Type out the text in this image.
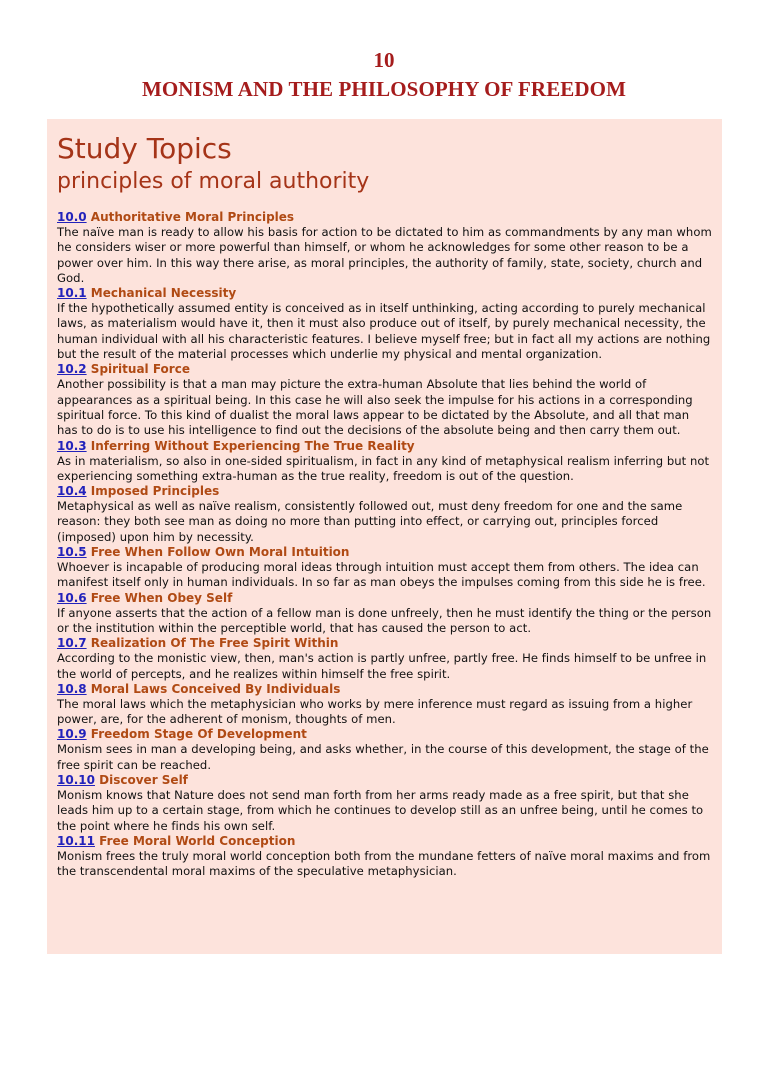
10
MONISM AND THE PHILOSOPHY OF FREEDOM
Study Topics
principles of moral authority
10.0 Authoritative Moral Principles

The naïve man is ready to allow his basis for action to be dictated to him as commandments by any man whom he considers wiser or more powerful than himself, or whom he acknowledges for some other reason to be a power over him. In this way there arise, as moral principles, the authority of family, state, society, church and God.

10.1 Mechanical Necessity

If the hypothetically assumed entity is conceived as in itself unthinking, acting according to purely mechanical laws, as materialism would have it, then it must also produce out of itself, by purely mechanical necessity, the human individual with all his characteristic features. I believe myself free; but in fact all my actions are nothing but the result of the material processes which underlie my physical and mental organization.

10.2 Spiritual Force

Another possibility is that a man may picture the extra-human Absolute that lies behind the world of appearances as a spiritual being. In this case he will also seek the impulse for his actions in a corresponding spiritual force. To this kind of dualist the moral laws appear to be dictated by the Absolute, and all that man has to do is to use his intelligence to find out the decisions of the absolute being and then carry them out.

10.3 Inferring Without Experiencing The True Reality

As in materialism, so also in one-sided spiritualism, in fact in any kind of metaphysical realism inferring but not experiencing something extra-human as the true reality, freedom is out of the question.

10.4 Imposed Principles

Metaphysical as well as naïve realism, consistently followed out, must deny freedom for one and the same reason: they both see man as doing no more than putting into effect, or carrying out, principles forced (imposed) upon him by necessity.

10.5 Free When Follow Own Moral Intuition

Whoever is incapable of producing moral ideas through intuition must accept them from others. The idea can manifest itself only in human individuals. In so far as man obeys the impulses coming from this side he is free.

10.6 Free When Obey Self

If anyone asserts that the action of a fellow man is done unfreely, then he must identify the thing or the person or the institution within the perceptible world, that has caused the person to act.

10.7 Realization Of The Free Spirit Within

According to the monistic view, then, man's action is partly unfree, partly free. He finds himself to be unfree in the world of percepts, and he realizes within himself the free spirit.

10.8 Moral Laws Conceived By Individuals

The moral laws which the metaphysician who works by mere inference must regard as issuing from a higher power, are, for the adherent of monism, thoughts of men.

10.9 Freedom Stage Of Development

Monism sees in man a developing being, and asks whether, in the course of this development, the stage of the free spirit can be reached.

10.10 Discover Self

Monism knows that Nature does not send man forth from her arms ready made as a free spirit, but that she leads him up to a certain stage, from which he continues to develop still as an unfree being, until he comes to the point where he finds his own self.

10.11 Free Moral World Conception

Monism frees the truly moral world conception both from the mundane fetters of naïve moral maxims and from the transcendental moral maxims of the speculative metaphysician.
